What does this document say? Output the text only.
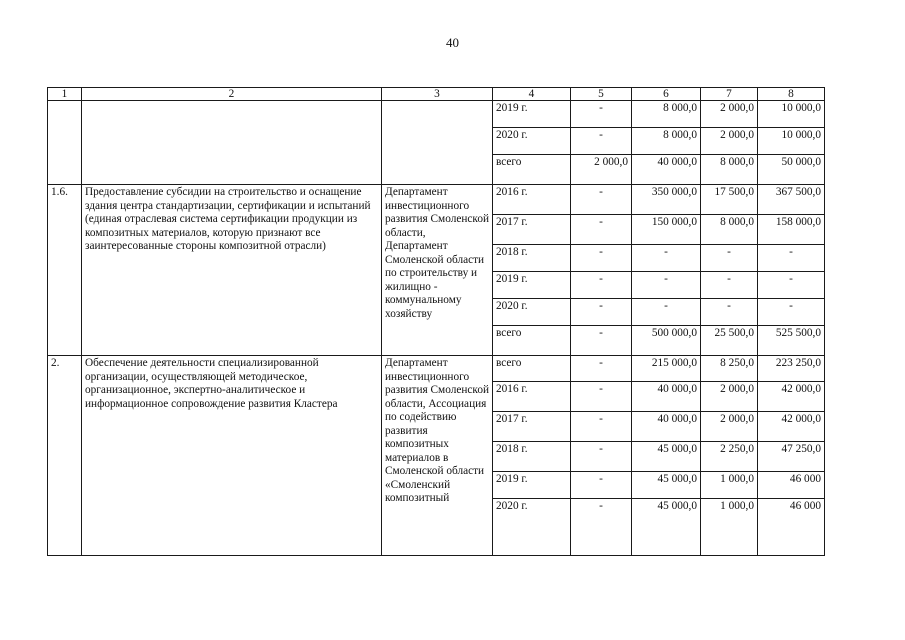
40
1	2	3	4	5	6	7	8
			2019 г.	-	8 000,0	2 000,0	10 000,0
			2020 г.	-	8 000,0	2 000,0	10 000,0
			всего	2 000,0	40 000,0	8 000,0	50 000,0
1.6.	Предоставление субсидии на строительство и оснащение здания центра стандартизации, сертификации и испытаний (единая отраслевая система сертификации продукции из композитных материалов, которую признают все заинтересованные стороны композитной отрасли)	Департамент инвестиционного развития Смоленской области, Департамент Смоленской области по строительству и жилищно - коммунальному хозяйству	2016 г.	-	350 000,0	17 500,0	367 500,0
			2017 г.	-	150 000,0	8 000,0	158 000,0
			2018 г.	-	-	-	-
			2019 г.	-	-	-	-
			2020 г.	-	-	-	-
			всего	-	500 000,0	25 500,0	525 500,0
2.	Обеспечение деятельности специализированной организации, осуществляющей методическое, организационное, экспертно-аналитическое и информационное сопровождение развития Кластера	Департамент инвестиционного развития Смоленской области, Ассоциация по содействию развития композитных материалов в Смоленской области «Смоленский композитный	всего	-	215 000,0	8 250,0	223 250,0
			2016 г.	-	40 000,0	2 000,0	42 000,0
			2017 г.	-	40 000,0	2 000,0	42 000,0
			2018 г.	-	45 000,0	2 250,0	47 250,0
			2019 г.	-	45 000,0	1 000,0	46 000
			2020 г.	-	45 000,0	1 000,0	46 000
